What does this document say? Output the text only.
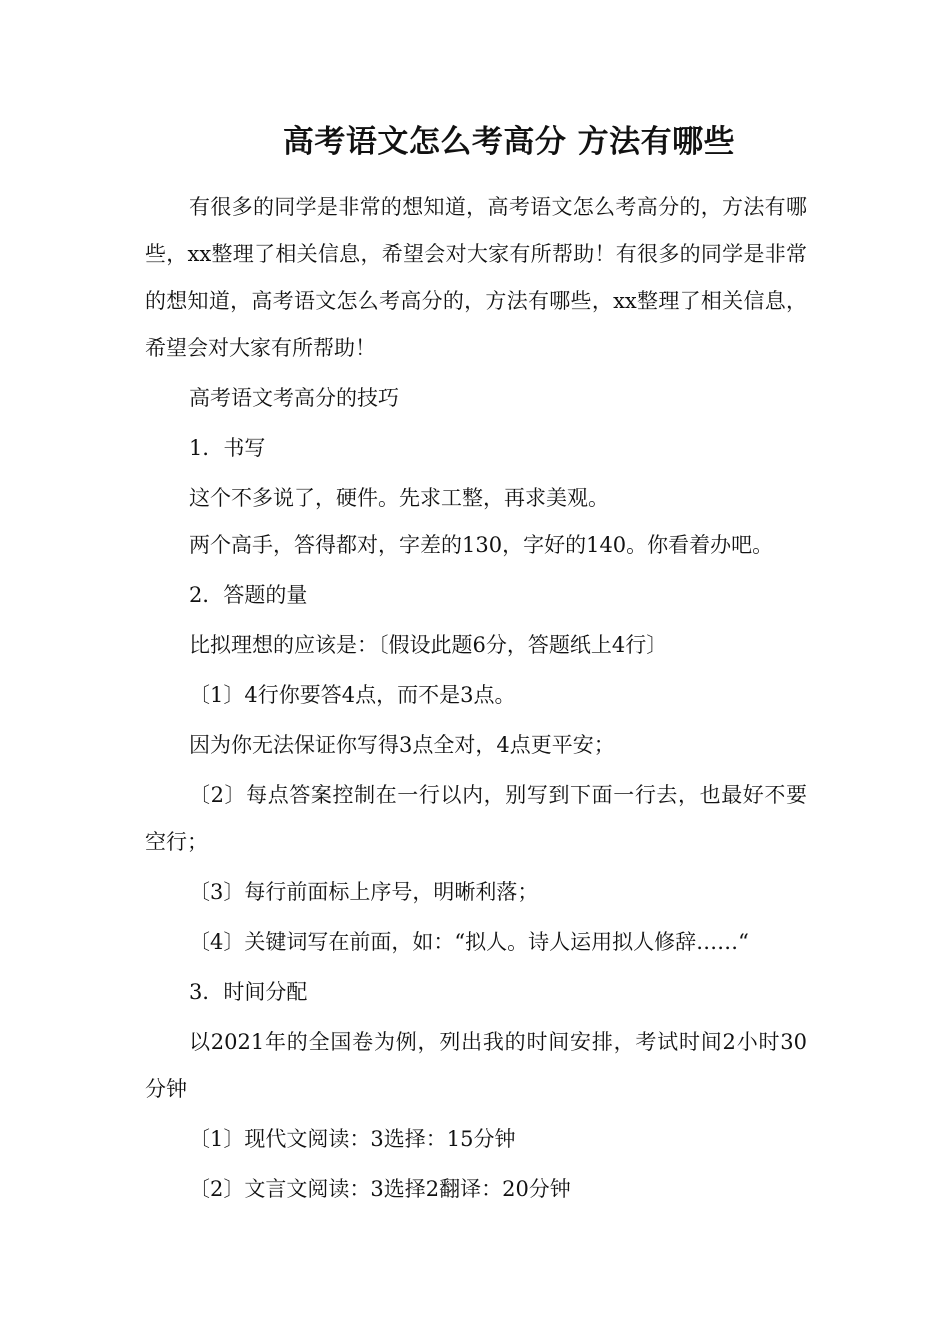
高考语文怎么考高分 方法有哪些

有很多的同学是非常的想知道，高考语文怎么考高分的，方法有哪些，xx整理了相关信息，希望会对大家有所帮助！有很多的同学是非常的想知道，高考语文怎么考高分的，方法有哪些，xx整理了相关信息，希望会对大家有所帮助！

高考语文考高分的技巧

1．书写

这个不多说了，硬件。先求工整，再求美观。

两个高手，答得都对，字差的130，字好的140。你看着办吧。

2．答题的量

比拟理想的应该是：〔假设此题6分，答题纸上4行〕

〔1〕4行你要答4点，而不是3点。

因为你无法保证你写得3点全对，4点更平安；

〔2〕每点答案控制在一行以内，别写到下面一行去，也最好不要空行；

〔3〕每行前面标上序号，明晰利落；

〔4〕关键词写在前面，如：“拟人。诗人运用拟人修辞……“

3．时间分配

以2021年的全国卷为例，列出我的时间安排，考试时间2小时30分钟

〔1〕现代文阅读：3选择：15分钟

〔2〕文言文阅读：3选择2翻译：20分钟
